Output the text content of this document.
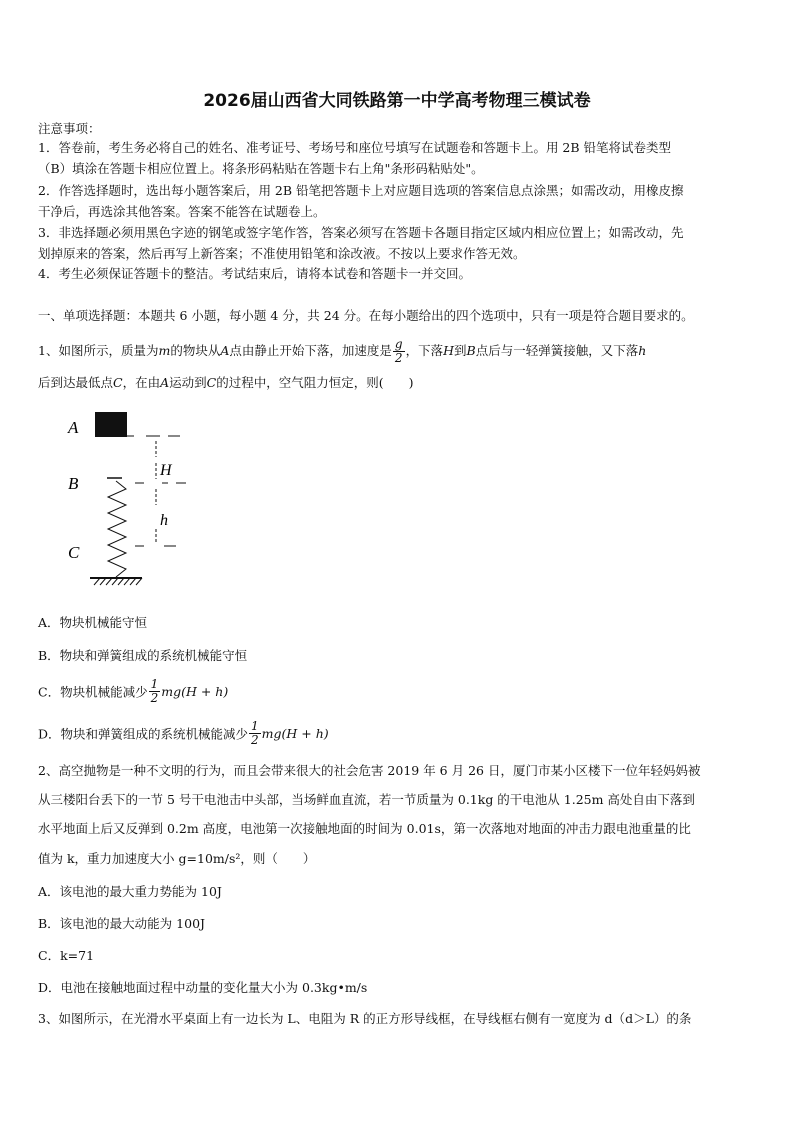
2026届山西省大同铁路第一中学高考物理三模试卷
注意事项：
1．答卷前，考生务必将自己的姓名、准考证号、考场号和座位号填写在试题卷和答题卡上。用 2B 铅笔将试卷类型
（B）填涂在答题卡相应位置上。将条形码粘贴在答题卡右上角"条形码粘贴处"。
2．作答选择题时，选出每小题答案后，用 2B 铅笔把答题卡上对应题目选项的答案信息点涂黑；如需改动，用橡皮擦
干净后，再选涂其他答案。答案不能答在试题卷上。
3．非选择题必须用黑色字迹的钢笔或签字笔作答，答案必须写在答题卡各题目指定区域内相应位置上；如需改动，先
划掉原来的答案，然后再写上新答案；不准使用铅笔和涂改液。不按以上要求作答无效。
4．考生必须保证答题卡的整洁。考试结束后，请将本试卷和答题卡一并交回。
一、单项选择题：本题共 6 小题，每小题 4 分，共 24 分。在每小题给出的四个选项中，只有一项是符合题目要求的。
1、如图所示，质量为m的物块从A点由静止开始下落，加速度是 $\frac{g}{2}$ ，下落H到B点后与一轻弹簧接触，又下落h
后到达最低点C，在由A运动到C的过程中，空气阻力恒定，则(　　)
A
B
C
H
h
A．物块机械能守恒
B．物块和弹簧组成的系统机械能守恒
C．物块机械能减少 $\frac{1}{2} mg(H + h)$
D．物块和弹簧组成的系统机械能减少 $\frac{1}{2} mg(H + h)$
2、高空抛物是一种不文明的行为，而且会带来很大的社会危害 2019 年 6 月 26 日，厦门市某小区楼下一位年轻妈妈被
从三楼阳台丢下的一节 5 号干电池击中头部，当场鲜血直流，若一节质量为 0.1kg 的干电池从 1.25m 高处自由下落到
水平地面上后又反弹到 0.2m 高度，电池第一次接触地面的时间为 0.01s，第一次落地对地面的冲击力跟电池重量的比
值为 k，重力加速度大小 g=10m/s²，则（　　）
A．该电池的最大重力势能为 10J
B．该电池的最大动能为 100J
C．k=71
D．电池在接触地面过程中动量的变化量大小为 0.3kg•m/s
3、如图所示，在光滑水平桌面上有一边长为 L、电阻为 R 的正方形导线框，在导线框右侧有一宽度为 d（d＞L）的条
